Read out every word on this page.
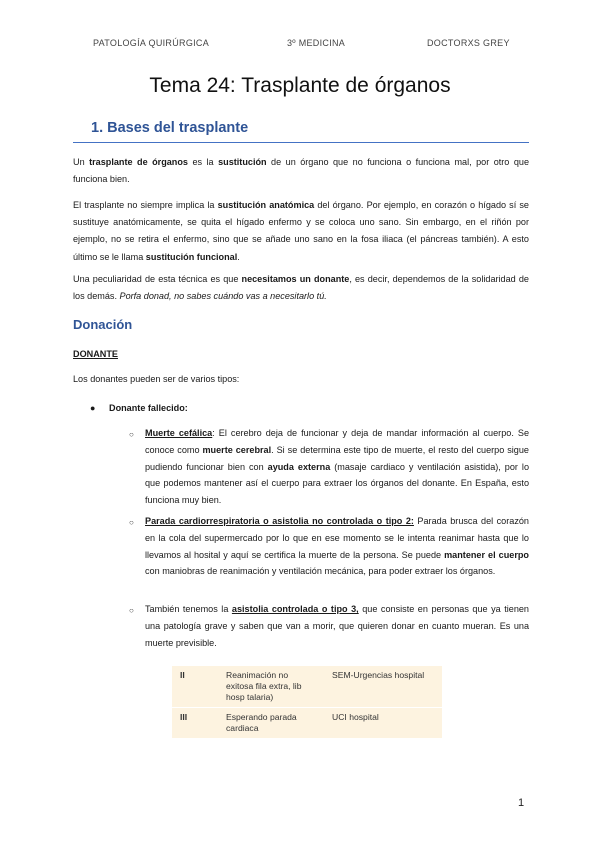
PATOLOGÍA QUIRÚRGICA	3º MEDICINA	DOCTORXS GREY
Tema 24: Trasplante de órganos
1. Bases del trasplante
Un trasplante de órganos es la sustitución de un órgano que no funciona o funciona mal, por otro que funciona bien.
El trasplante no siempre implica la sustitución anatómica del órgano. Por ejemplo, en corazón o hígado sí se sustituye anatómicamente, se quita el hígado enfermo y se coloca uno sano. Sin embargo, en el riñón por ejemplo, no se retira el enfermo, sino que se añade uno sano en la fosa iliaca (el páncreas también). A esto último se le llama sustitución funcional.
Una peculiaridad de esta técnica es que necesitamos un donante, es decir, dependemos de la solidaridad de los demás. Porfa donad, no sabes cuándo vas a necesitarlo tú.
Donación
DONANTE
Los donantes pueden ser de varios tipos:
● Donante fallecido:
○ Muerte cefálica: El cerebro deja de funcionar y deja de mandar información al cuerpo. Se conoce como muerte cerebral. Si se determina este tipo de muerte, el resto del cuerpo sigue pudiendo funcionar bien con ayuda externa (masaje cardiaco y ventilación asistida), por lo que podemos mantener así el cuerpo para extraer los órganos del donante. En España, esto funciona muy bien.
○ Parada cardiorrespiratoria o asistolia no controlada o tipo 2: Parada brusca del corazón en la cola del supermercado por lo que en ese momento se le intenta reanimar hasta que lo llevamos al hosital y aquí se certifica la muerte de la persona. Se puede mantener el cuerpo con maniobras de reanimación y ventilación mecánica, para poder extraer los órganos.
○ También tenemos la asistolia controlada o tipo 3, que consiste en personas que ya tienen una patología grave y saben que van a morir, que quieren donar en cuanto mueran. Es una muerte previsible.
II	Reanimación no exitosa fila extra, lib hosp talaria)	SEM-Urgencias hospital
III	Esperando parada cardiaca	UCI hospital
1
